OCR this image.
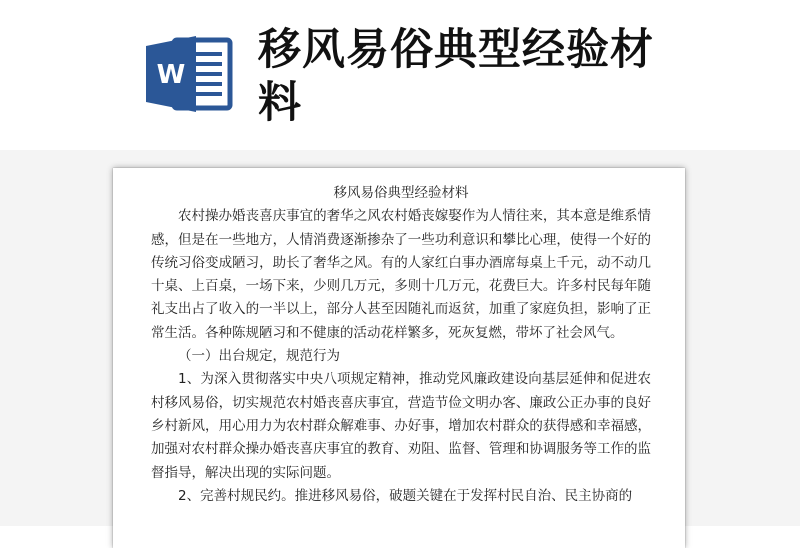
W 移风易俗典型经验材料
移风易俗典型经验材料

农村操办婚丧喜庆事宜的奢华之风农村婚丧嫁娶作为人情往来，其本意是维系情感，但是在一些地方，人情消费逐渐掺杂了一些功利意识和攀比心理，使得一个好的传统习俗变成陋习，助长了奢华之风。有的人家红白事办酒席每桌上千元，动不动几十桌、上百桌，一场下来，少则几万元，多则十几万元，花费巨大。许多村民每年随礼支出占了收入的一半以上，部分人甚至因随礼而返贫，加重了家庭负担，影响了正常生活。各种陈规陋习和不健康的活动花样繁多，死灰复燃，带坏了社会风气。

（一）出台规定，规范行为

1、为深入贯彻落实中央八项规定精神，推动党风廉政建设向基层延伸和促进农村移风易俗，切实规范农村婚丧喜庆事宜，营造节俭文明办客、廉政公正办事的良好乡村新风，用心用力为农村群众解难事、办好事，增加农村群众的获得感和幸福感，加强对农村群众操办婚丧喜庆事宜的教育、劝阻、监督、管理和协调服务等工作的监督指导，解决出现的实际问题。

2、完善村规民约。推进移风易俗，破题关键在于发挥村民自治、民主协商的
